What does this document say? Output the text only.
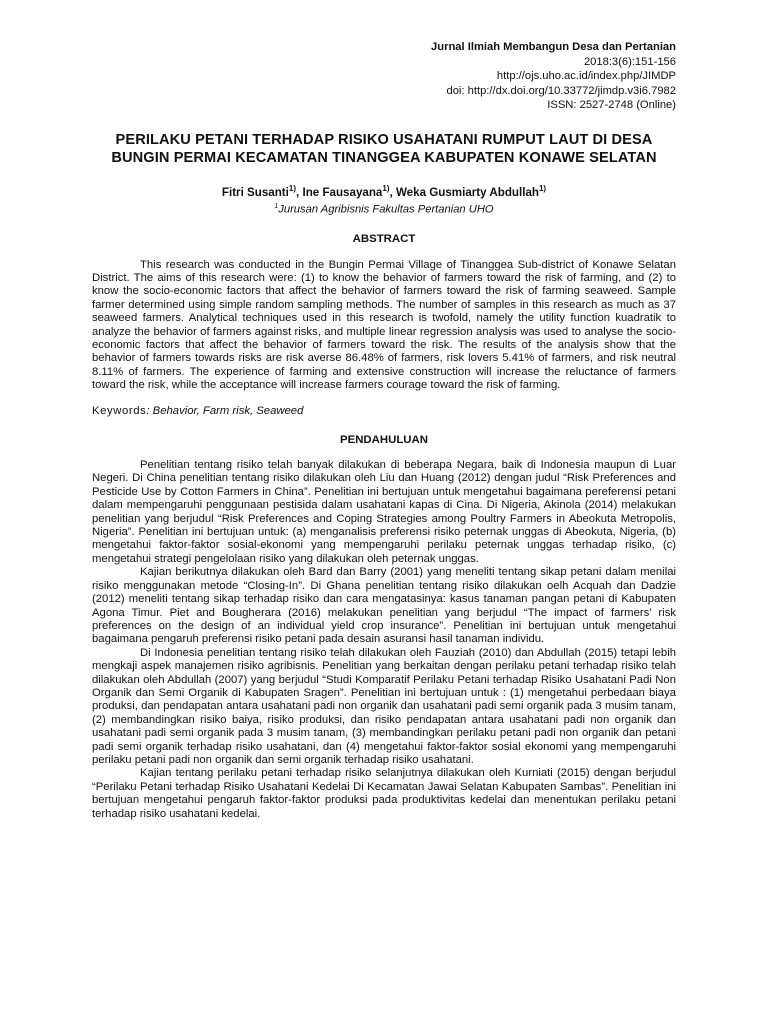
Jurnal Ilmiah Membangun Desa dan Pertanian
2018:3(6):151-156
http://ojs.uho.ac.id/index.php/JIMDP
doi: http://dx.doi.org/10.33772/jimdp.v3i6.7982
ISSN: 2527-2748 (Online)
PERILAKU PETANI TERHADAP RISIKO USAHATANI RUMPUT LAUT DI DESA
BUNGIN PERMAI KECAMATAN TINANGGEA KABUPATEN KONAWE SELATAN
Fitri Susanti$^{1)}$, Ine Fausayana$^{1)}$, Weka Gusmiarty Abdullah$^{1)}$
$^1$Jurusan Agribisnis Fakultas Pertanian UHO
ABSTRACT

This research was conducted in the Bungin Permai Village of Tinanggea Sub-district of Konawe Selatan District. The aims of this research were: (1) to know the behavior of farmers toward the risk of farming, and (2) to know the socio-economic factors that affect the behavior of farmers toward the risk of farming seaweed. Sample farmer determined using simple random sampling methods. The number of samples in this research as much as 37 seaweed farmers. Analytical techniques used in this research is twofold, namely the utility function kuadratik to analyze the behavior of farmers against risks, and multiple linear regression analysis was used to analyse the socio-economic factors that affect the behavior of farmers toward the risk. The results of the analysis show that the behavior of farmers towards risks are risk averse 86.48% of farmers, risk lovers 5.41% of farmers, and risk neutral 8.11% of farmers. The experience of farming and extensive construction will increase the reluctance of farmers toward the risk, while the acceptance will increase farmers courage toward the risk of farming.

Keywords: Behavior, Farm risk, Seaweed
PENDAHULUAN

Penelitian tentang risiko telah banyak dilakukan di beberapa Negara, baik di Indonesia maupun di Luar Negeri. Di China penelitian tentang risiko dilakukan oleh Liu dan Huang (2012) dengan judul “Risk Preferences and Pesticide Use by Cotton Farmers in China”. Penelitian ini bertujuan untuk mengetahui bagaimana pereferensi petani dalam mempengaruhi penggunaan pestisida dalam usahatani kapas di Cina. Di Nigeria, Akinola (2014) melakukan penelitian yang berjudul “Risk Preferences and Coping Strategies among Poultry Farmers in Abeokuta Metropolis, Nigeria”. Penelitian ini bertujuan untuk: (a) menganalisis preferensi risiko peternak unggas di Abeokuta, Nigeria, (b) mengetahui faktor-faktor sosial-ekonomi yang mempengaruhi perilaku peternak unggas terhadap risiko, (c) mengetahui strategi pengelolaan risiko yang dilakukan oleh peternak unggas.

Kajian berikutnya dilakukan oleh Bard dan Barry (2001) yang meneliti tentang sikap petani dalam menilai risiko menggunakan metode “Closing-In”. Di Ghana penelitian tentang risiko dilakukan oelh Acquah dan Dadzie (2012) meneliti tentang sikap terhadap risiko dan cara mengatasinya: kasus tanaman pangan petani di Kabupaten Agona Timur. Piet and Bougherara (2016) melakukan penelitian yang berjudul “The impact of farmers’ risk preferences on the design of an individual yield crop insurance”. Penelitian ini bertujuan untuk mengetahui bagaimana pengaruh preferensi risiko petani pada desain asuransi hasil tanaman individu.

Di Indonesia penelitian tentang risiko telah dilakukan oleh Fauziah (2010) dan Abdullah (2015) tetapi lebih mengkaji aspek manajemen risiko agribisnis. Penelitian yang berkaitan dengan perilaku petani terhadap risiko telah dilakukan oleh Abdullah (2007) yang berjudul “Studi Komparatif Perilaku Petani terhadap Risiko Usahatani Padi Non Organik dan Semi Organik di Kabupaten Sragen”. Penelitian ini bertujuan untuk : (1) mengetahui perbedaan biaya produksi, dan pendapatan antara usahatani padi non organik dan usahatani padi semi organik pada 3 musim tanam, (2) membandingkan risiko baiya, risiko produksi, dan risiko pendapatan antara usahatani padi non organik dan usahatani padi semi organik pada 3 musim tanam, (3) membandingkan perilaku petani padi non organik dan petani padi semi organik terhadap risiko usahatani, dan (4) mengetahui faktor-faktor sosial ekonomi yang mempengaruhi perilaku petani padi non organik dan semi organik terhadap risiko usahatani.

Kajian tentang perilaku petani terhadap risiko selanjutnya dilakukan oleh Kurniati (2015) dengan berjudul “Perilaku Petani terhadap Risiko Usahatani Kedelai Di Kecamatan Jawai Selatan Kabupaten Sambas”. Penelitian ini bertujuan mengetahui pengaruh faktor-faktor produksi pada produktivitas kedelai dan menentukan perilaku petani terhadap risiko usahatani kedelai.
